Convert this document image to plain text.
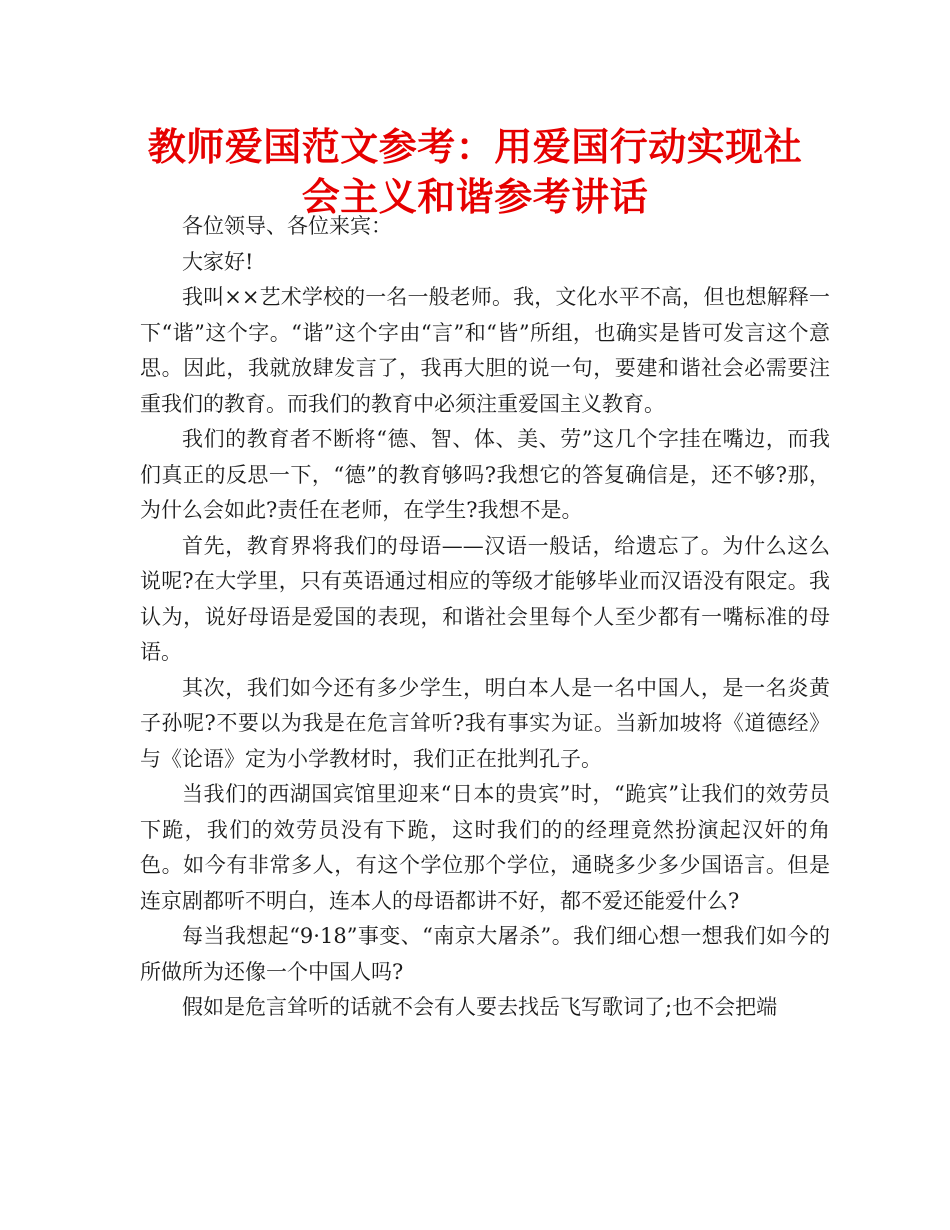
教师爱国范文参考：用爱国行动实现社会主义和谐参考讲话

各位领导、各位来宾：

大家好!

我叫××艺术学校的一名一般老师。我，文化水平不高，但也想解释一下“谐”这个字。“谐”这个字由“言”和“皆”所组，也确实是皆可发言这个意思。因此，我就放肆发言了，我再大胆的说一句，要建和谐社会必需要注重我们的教育。而我们的教育中必须注重爱国主义教育。

我们的教育者不断将“德、智、体、美、劳”这几个字挂在嘴边，而我们真正的反思一下，“德”的教育够吗?我想它的答复确信是，还不够?那，为什么会如此?责任在老师，在学生?我想不是。

首先，教育界将我们的母语——汉语一般话，给遗忘了。为什么这么说呢?在大学里，只有英语通过相应的等级才能够毕业而汉语没有限定。我认为，说好母语是爱国的表现，和谐社会里每个人至少都有一嘴标准的母语。

其次，我们如今还有多少学生，明白本人是一名中国人，是一名炎黄子孙呢?不要以为我是在危言耸听?我有事实为证。当新加坡将《道德经》与《论语》定为小学教材时，我们正在批判孔子。

当我们的西湖国宾馆里迎来“日本的贵宾”时，“跪宾”让我们的效劳员下跪，我们的效劳员没有下跪，这时我们的的经理竟然扮演起汉奸的角色。如今有非常多人，有这个学位那个学位，通晓多少多少国语言。但是连京剧都听不明白，连本人的母语都讲不好，都不爱还能爱什么?

每当我想起“9·18”事变、“南京大屠杀”。我们细心想一想我们如今的所做所为还像一个中国人吗?

假如是危言耸听的话就不会有人要去找岳飞写歌词了;也不会把端
